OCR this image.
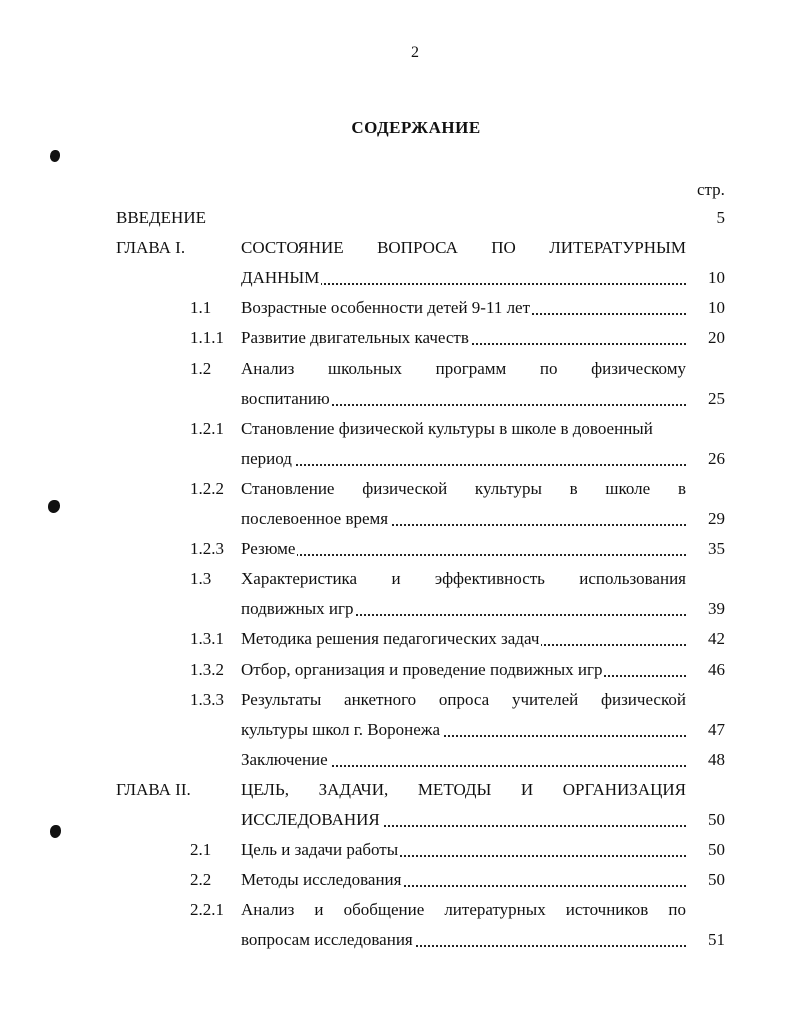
2
СОДЕРЖАНИЕ
стр.
ВВЕДЕНИЕ	5
ГЛАВА I.	СОСТОЯНИЕ ВОПРОСА ПО ЛИТЕРАТУРНЫМ
ДАННЫМ	10
1.1 Возрастные особенности детей 9-11 лет	10
1.1.1 Развитие двигательных качеств	20
1.2 Анализ школьных программ по физическому
воспитанию	25
1.2.1 Становление физической культуры в школе в довоенный
период	26
1.2.2 Становление физической культуры в школе в
послевоенное время	29
1.2.3 Резюме	35
1.3 Характеристика и эффективность использования
подвижных игр	39
1.3.1 Методика решения педагогических задач	42
1.3.2 Отбор, организация и проведение подвижных игр	46
1.3.3 Результаты анкетного опроса учителей физической
культуры школ г. Воронежа	47
Заключение	48
ГЛАВА II.	ЦЕЛЬ, ЗАДАЧИ, МЕТОДЫ И ОРГАНИЗАЦИЯ
ИССЛЕДОВАНИЯ	50
2.1 Цель и задачи работы	50
2.2 Методы исследования	50
2.2.1 Анализ и обобщение литературных источников по
вопросам исследования	51
